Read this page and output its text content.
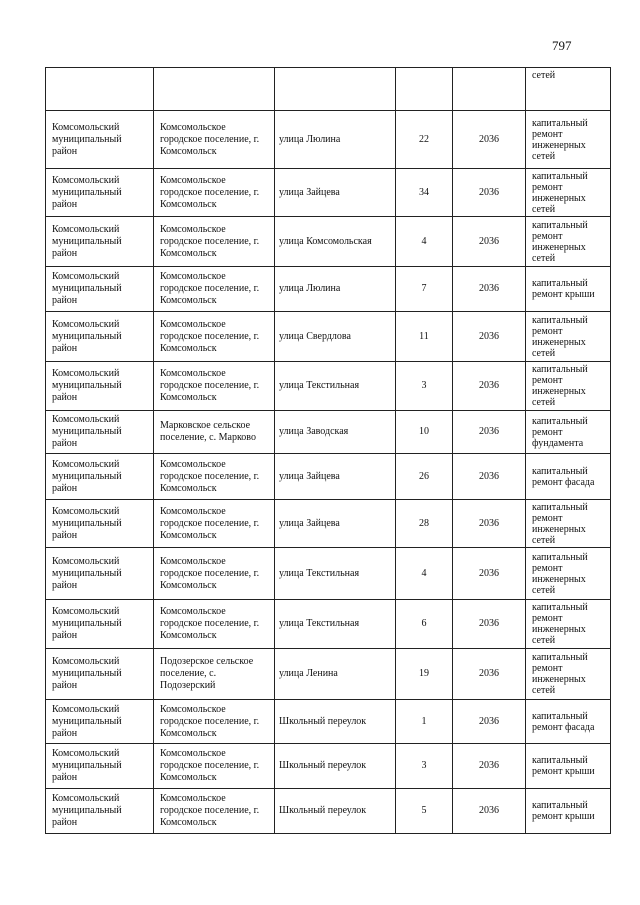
797

					сетей

Комсомольский муниципальный район	Комсомольское городское поселение, г. Комсомольск	улица Люлина	22	2036	капитальный ремонт инженерных сетей

Комсомольский муниципальный район	Комсомольское городское поселение, г. Комсомольск	улица Зайцева	34	2036	капитальный ремонт инженерных сетей

Комсомольский муниципальный район	Комсомольское городское поселение, г. Комсомольск	улица Комсомольская	4	2036	капитальный ремонт инженерных сетей

Комсомольский муниципальный район	Комсомольское городское поселение, г. Комсомольск	улица Люлина	7	2036	капитальный ремонт крыши

Комсомольский муниципальный район	Комсомольское городское поселение, г. Комсомольск	улица Свердлова	11	2036	капитальный ремонт инженерных сетей

Комсомольский муниципальный район	Комсомольское городское поселение, г. Комсомольск	улица Текстильная	3	2036	капитальный ремонт инженерных сетей

Комсомольский муниципальный район	Марковское сельское поселение, с. Марково	улица Заводская	10	2036	капитальный ремонт фундамента

Комсомольский муниципальный район	Комсомольское городское поселение, г. Комсомольск	улица Зайцева	26	2036	капитальный ремонт фасада

Комсомольский муниципальный район	Комсомольское городское поселение, г. Комсомольск	улица Зайцева	28	2036	капитальный ремонт инженерных сетей

Комсомольский муниципальный район	Комсомольское городское поселение, г. Комсомольск	улица Текстильная	4	2036	капитальный ремонт инженерных сетей

Комсомольский муниципальный район	Комсомольское городское поселение, г. Комсомольск	улица Текстильная	6	2036	капитальный ремонт инженерных сетей

Комсомольский муниципальный район	Подозерское сельское поселение, с. Подозерский	улица Ленина	19	2036	капитальный ремонт инженерных сетей

Комсомольский муниципальный район	Комсомольское городское поселение, г. Комсомольск	Школьный переулок	1	2036	капитальный ремонт фасада

Комсомольский муниципальный район	Комсомольское городское поселение, г. Комсомольск	Школьный переулок	3	2036	капитальный ремонт крыши

Комсомольский муниципальный район	Комсомольское городское поселение, г. Комсомольск	Школьный переулок	5	2036	капитальный ремонт крыши
